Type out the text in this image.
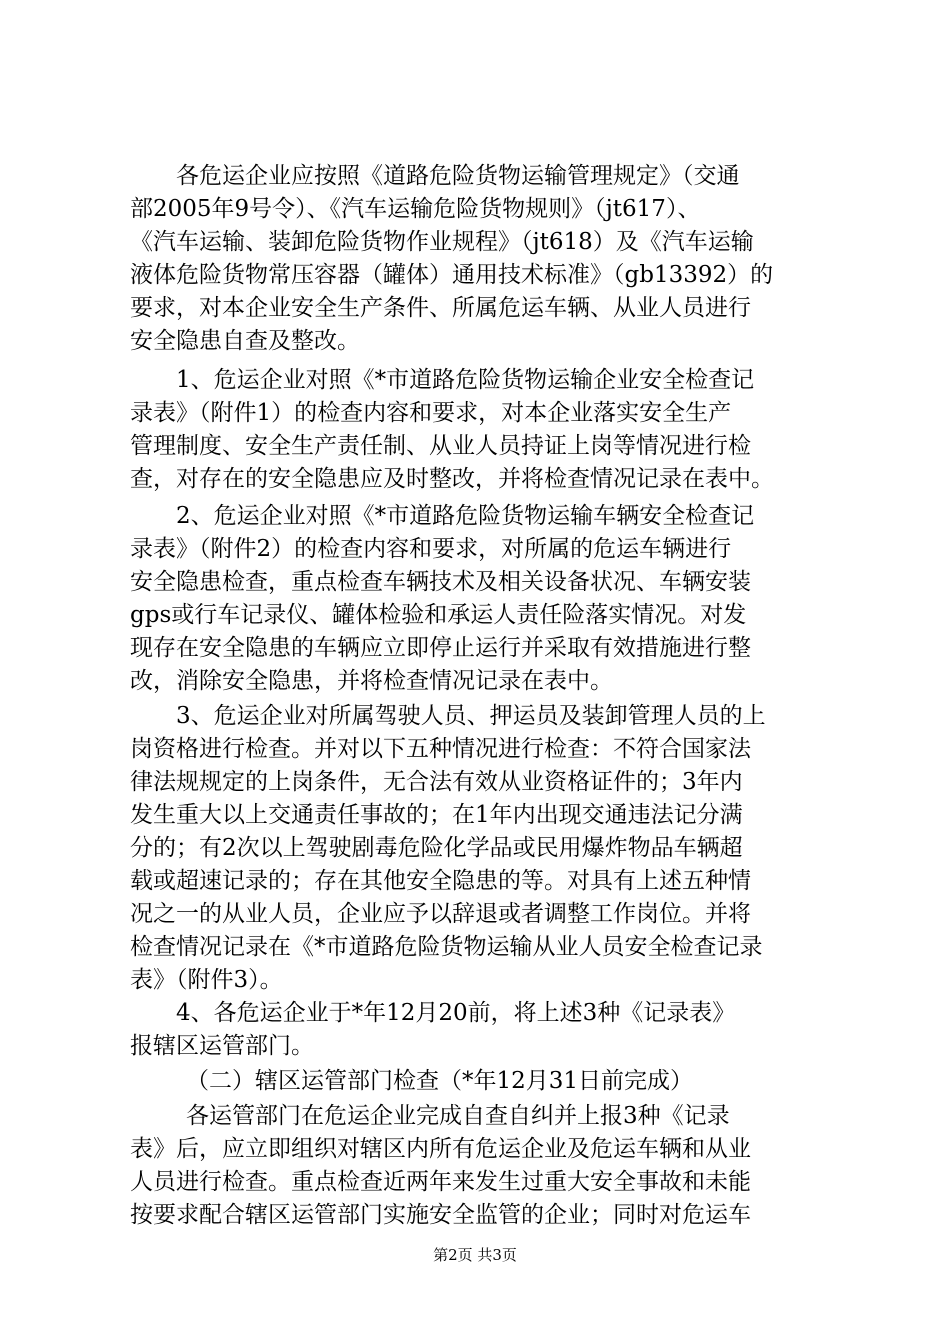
各危运企业应按照《道路危险货物运输管理规定》（交通
部2005年9号令）、《汽车运输危险货物规则》（jt617）、
《汽车运输、装卸危险货物作业规程》（jt618）及《汽车运输
液体危险货物常压容器（罐体）通用技术标准》（gb13392）的
要求，对本企业安全生产条件、所属危运车辆、从业人员进行
安全隐患自查及整改。
1、危运企业对照《*市道路危险货物运输企业安全检查记
录表》（附件1）的检查内容和要求，对本企业落实安全生产
管理制度、安全生产责任制、从业人员持证上岗等情况进行检
查，对存在的安全隐患应及时整改，并将检查情况记录在表中。
2、危运企业对照《*市道路危险货物运输车辆安全检查记
录表》（附件2）的检查内容和要求，对所属的危运车辆进行
安全隐患检查，重点检查车辆技术及相关设备状况、车辆安装
gps或行车记录仪、罐体检验和承运人责任险落实情况。对发
现存在安全隐患的车辆应立即停止运行并采取有效措施进行整
改，消除安全隐患，并将检查情况记录在表中。
3、危运企业对所属驾驶人员、押运员及装卸管理人员的上
岗资格进行检查。并对以下五种情况进行检查：不符合国家法
律法规规定的上岗条件，无合法有效从业资格证件的；3年内
发生重大以上交通责任事故的；在1年内出现交通违法记分满
分的；有2次以上驾驶剧毒危险化学品或民用爆炸物品车辆超
载或超速记录的；存在其他安全隐患的等。对具有上述五种情
况之一的从业人员，企业应予以辞退或者调整工作岗位。并将
检查情况记录在《*市道路危险货物运输从业人员安全检查记录
表》（附件3）。
4、各危运企业于*年12月20前，将上述3种《记录表》
报辖区运管部门。
（二）辖区运管部门检查（*年12月31日前完成）
各运管部门在危运企业完成自查自纠并上报3种《记录
表》后，应立即组织对辖区内所有危运企业及危运车辆和从业
人员进行检查。重点检查近两年来发生过重大安全事故和未能
按要求配合辖区运管部门实施安全监管的企业；同时对危运车
第2页 共3页
